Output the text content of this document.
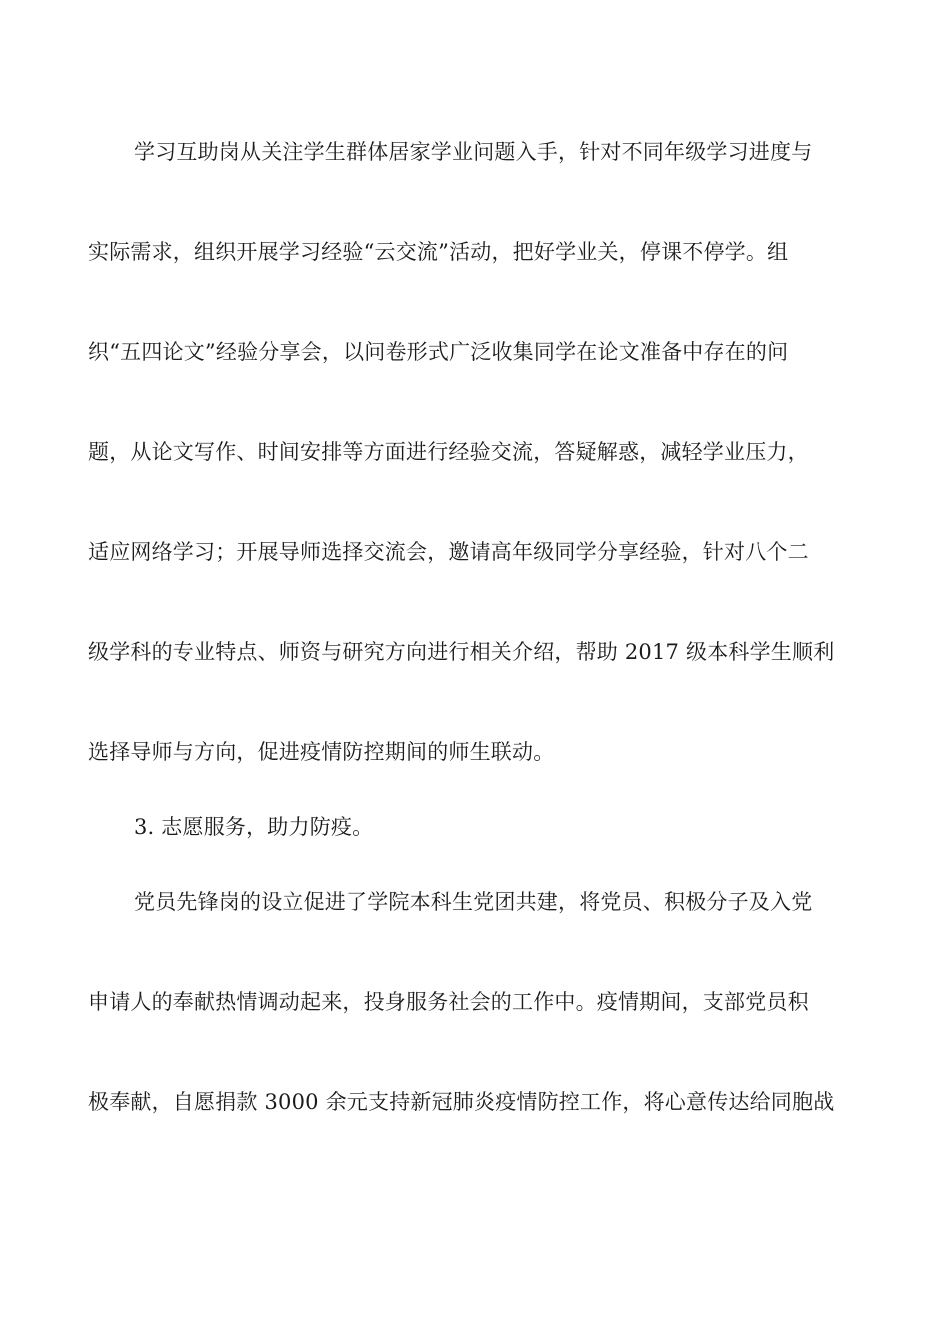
学习互助岗从关注学生群体居家学业问题入手，针对不同年级学习进度与
实际需求，组织开展学习经验“云交流”活动，把好学业关，停课不停学。组
织“五四论文”经验分享会，以问卷形式广泛收集同学在论文准备中存在的问
题，从论文写作、时间安排等方面进行经验交流，答疑解惑，减轻学业压力，
适应网络学习；开展导师选择交流会，邀请高年级同学分享经验，针对八个二
级学科的专业特点、师资与研究方向进行相关介绍，帮助 2017 级本科学生顺利
选择导师与方向，促进疫情防控期间的师生联动。
3. 志愿服务，助力防疫。
党员先锋岗的设立促进了学院本科生党团共建，将党员、积极分子及入党
申请人的奉献热情调动起来，投身服务社会的工作中。疫情期间，支部党员积
极奉献，自愿捐款 3000 余元支持新冠肺炎疫情防控工作，将心意传达给同胞战
